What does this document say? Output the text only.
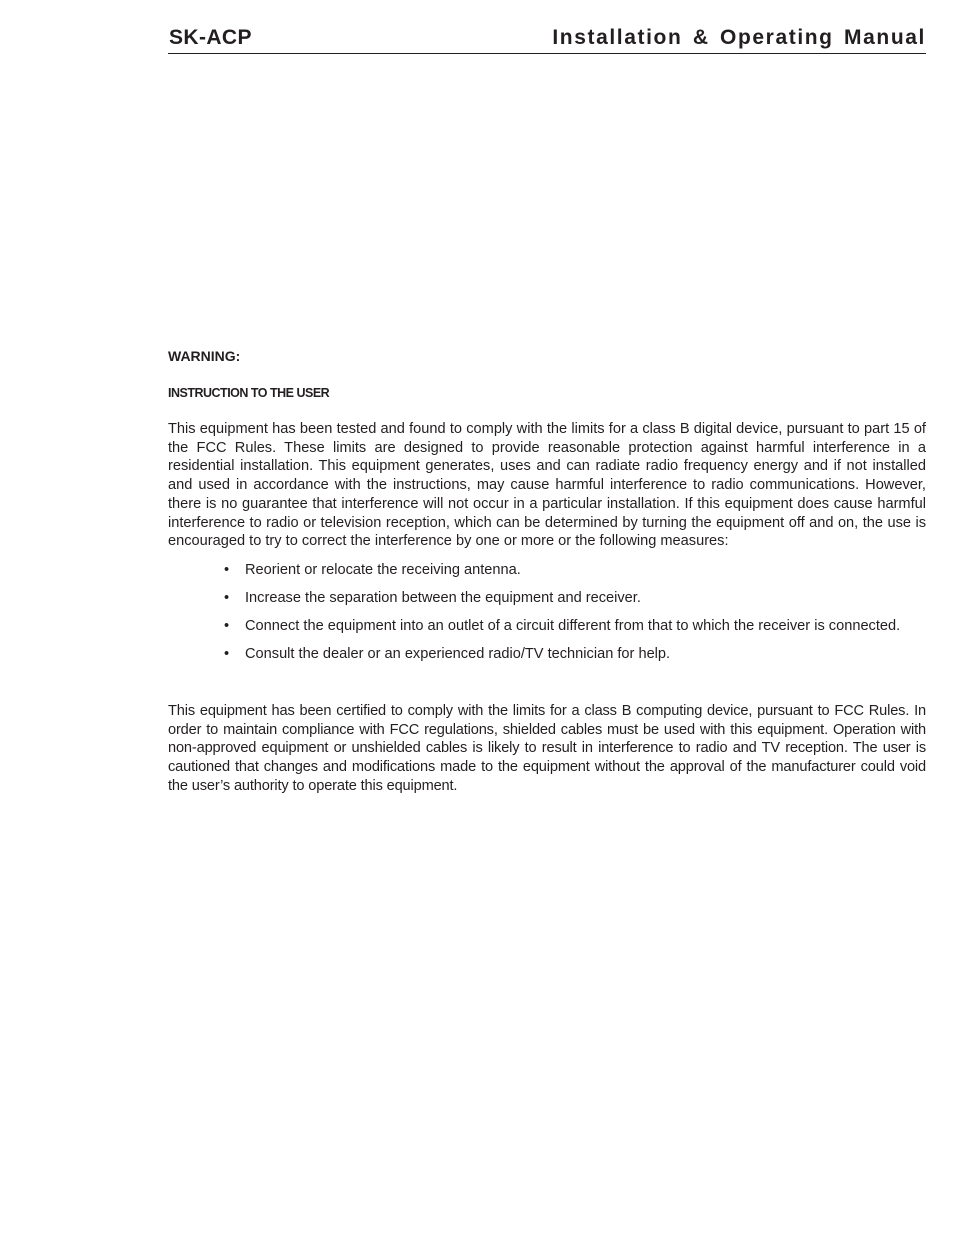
SK-ACP	Installation & Operating Manual
WARNING:
INSTRUCTION TO THE USER

This equipment has been tested and found to comply with the limits for a class B digital device, pursuant to part 15 of the FCC Rules. These limits are designed to provide reasonable protection against harmful interference in a residential installation. This equipment generates, uses and can radiate radio frequency energy and if not installed and used in accordance with the instructions, may cause harmful interference to radio communications. However, there is no guarantee that interference will not occur in a particular installation. If this equipment does cause harmful interference to radio or television reception, which can be determined by turning the equipment off and on, the use is encouraged to try to correct the interference by one or more or the following measures:

•	Reorient or relocate the receiving antenna.
•	Increase the separation between the equipment and receiver.
•	Connect the equipment into an outlet of a circuit different from that to which the receiver is connected.
•	Consult the dealer or an experienced radio/TV technician for help.

This equipment has been certified to comply with the limits for a class B computing device, pursuant to FCC Rules. In order to maintain compliance with FCC regulations, shielded cables must be used with this equipment. Operation with non-approved equipment or unshielded cables is likely to result in interference to radio and TV reception. The user is cautioned that changes and modifications made to the equipment without the approval of the manufacturer could void the user’s authority to operate this equipment.
